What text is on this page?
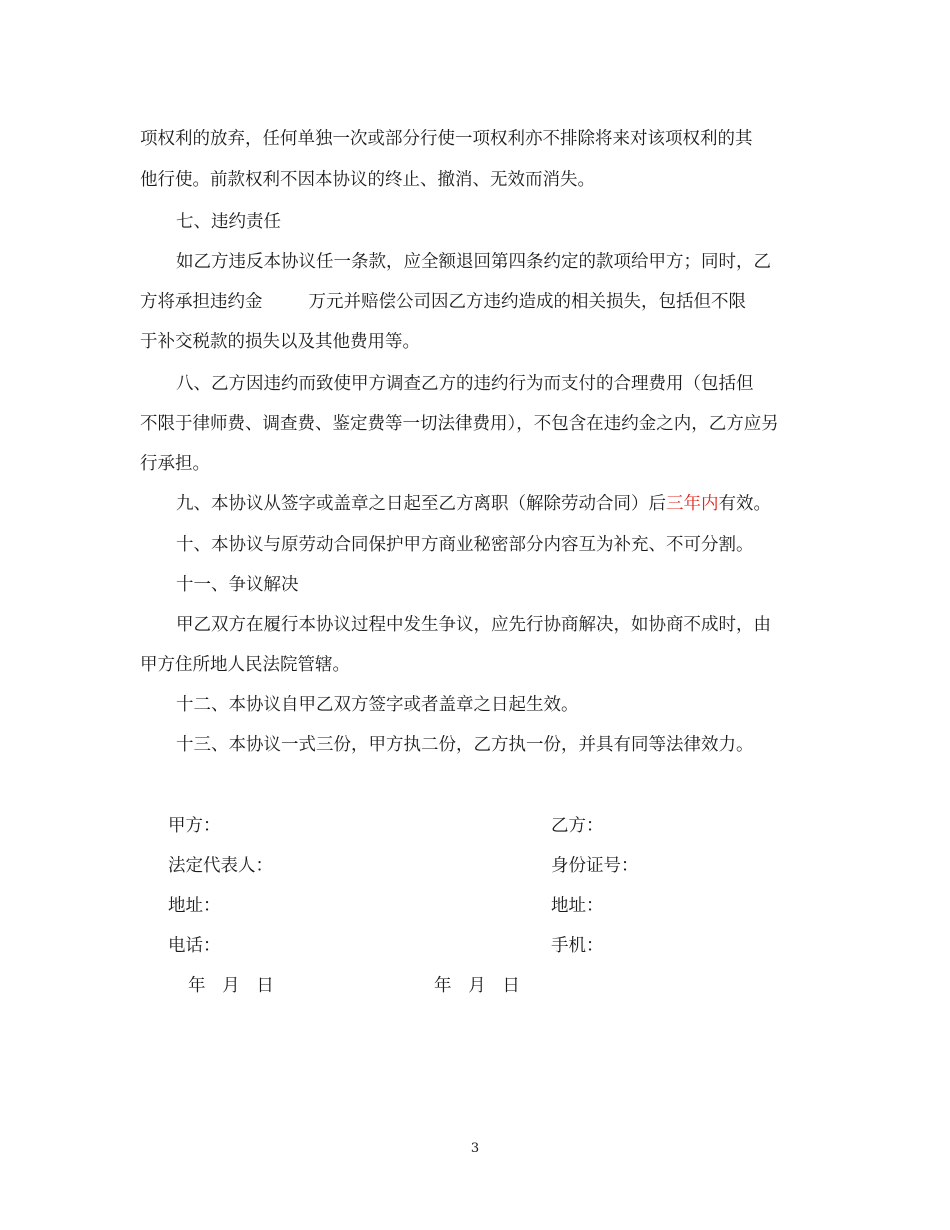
项权利的放弃，任何单独一次或部分行使一项权利亦不排除将来对该项权利的其
他行使。前款权利不因本协议的终止、撤消、无效而消失。
七、违约责任
如乙方违反本协议任一条款，应全额退回第四条约定的款项给甲方；同时，乙
方将承担违约金	万元并赔偿公司因乙方违约造成的相关损失，包括但不限
于补交税款的损失以及其他费用等。
八、乙方因违约而致使甲方调查乙方的违约行为而支付的合理费用（包括但
不限于律师费、调查费、鉴定费等一切法律费用），不包含在违约金之内，乙方应另
行承担。
九、本协议从签字或盖章之日起至乙方离职（解除劳动合同）后三年内有效。
十、本协议与原劳动合同保护甲方商业秘密部分内容互为补充、不可分割。
十一、争议解决
甲乙双方在履行本协议过程中发生争议，应先行协商解决，如协商不成时，由
甲方住所地人民法院管辖。
十二、本协议自甲乙双方签字或者盖章之日起生效。
十三、本协议一式三份，甲方执二份，乙方执一份，并具有同等法律效力。
甲方：
法定代表人：
地址：
电话：
年   月   日
乙方：
身份证号：
地址：
手机：
年   月   日
3
